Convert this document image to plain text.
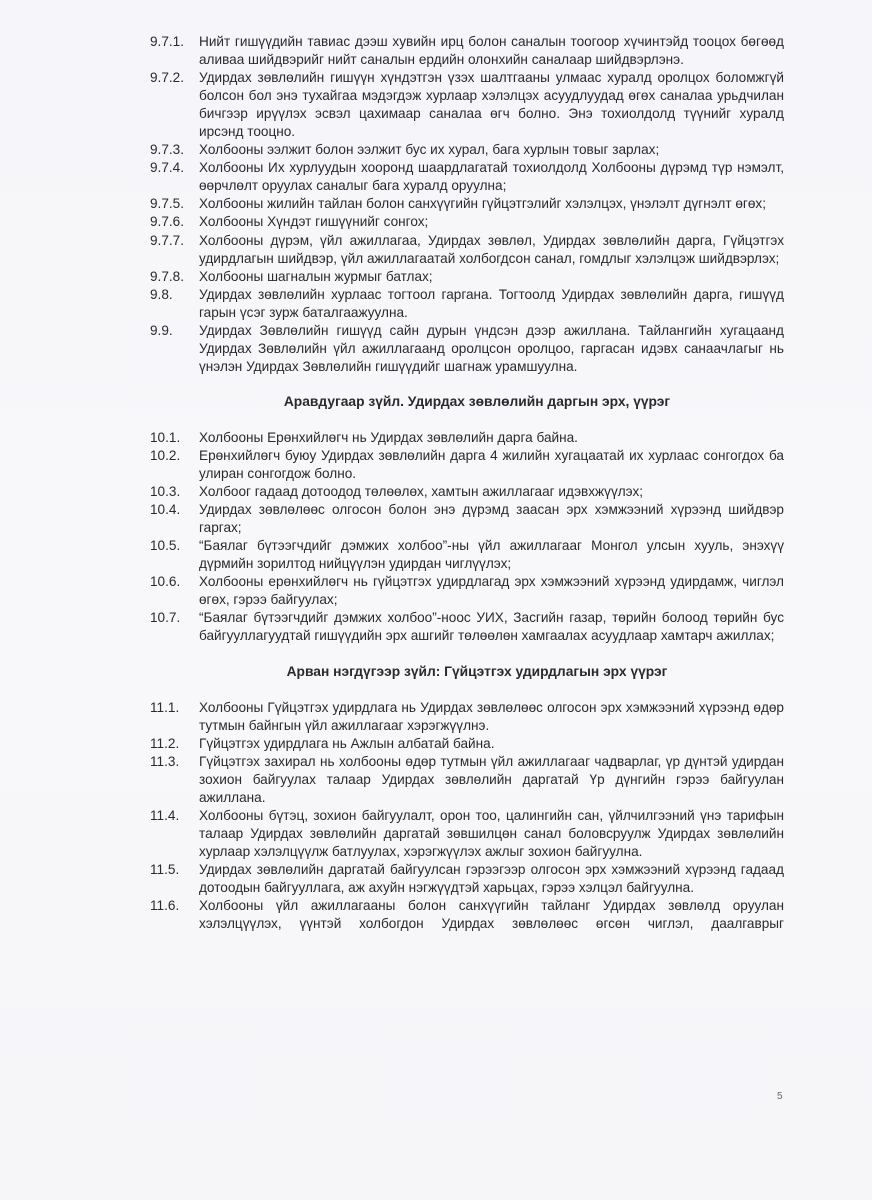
9.7.1.	Нийт гишүүдийн тавиас дээш хувийн ирц болон саналын тоогоор хүчинтэйд тооцох бөгөөд аливаа шийдвэрийг нийт саналын ердийн олонхийн саналаар шийдвэрлэнэ.
9.7.2.	Удирдах зөвлөлийн гишүүн хүндэтгэн үзэх шалтгааны улмаас хуралд оролцох боломжгүй болсон бол энэ тухайгаа мэдэгдэж хурлаар хэлэлцэх асуудлуудад өгөх саналаа урьдчилан бичгээр ирүүлэх эсвэл цахимаар саналаа өгч болно. Энэ тохиолдолд түүнийг хуралд ирсэнд тооцно.
9.7.3.	Холбооны ээлжит болон ээлжит бус их хурал, бага хурлын товыг зарлах;
9.7.4.	Холбооны Их хурлуудын хооронд шаардлагатай тохиолдолд Холбооны дүрэмд түр нэмэлт, өөрчлөлт оруулах саналыг бага хуралд оруулна;
9.7.5.	Холбооны жилийн тайлан болон санхүүгийн гүйцэтгэлийг хэлэлцэх, үнэлэлт дүгнэлт өгөх;
9.7.6.	Холбооны Хүндэт гишүүнийг сонгох;
9.7.7.	Холбооны дүрэм, үйл ажиллагаа, Удирдах зөвлөл, Удирдах зөвлөлийн дарга, Гүйцэтгэх удирдлагын шийдвэр, үйл ажиллагаатай холбогдсон санал, гомдлыг хэлэлцэж шийдвэрлэх;
9.7.8.	Холбооны шагналын журмыг батлах;
9.8.	Удирдах зөвлөлийн хурлаас тогтоол гаргана. Тогтоолд Удирдах зөвлөлийн дарга, гишүүд гарын үсэг зурж баталгаажуулна.
9.9.	Удирдах Зөвлөлийн гишүүд сайн дурын үндсэн дээр ажиллана. Тайлангийн хугацаанд Удирдах Зөвлөлийн үйл ажиллагаанд оролцсон оролцоо, гаргасан идэвх санаачлагыг нь үнэлэн Удирдах Зөвлөлийн гишүүдийг шагнаж урамшуулна.
Аравдугаар зүйл. Удирдах зөвлөлийн даргын эрх, үүрэг
10.1.	Холбооны Ерөнхийлөгч нь Удирдах зөвлөлийн дарга байна.
10.2.	Ерөнхийлөгч буюу Удирдах зөвлөлийн дарга 4 жилийн хугацаатай их хурлаас сонгогдох ба улиран сонгогдож болно.
10.3.	Холбоог гадаад дотоодод төлөөлөх, хамтын ажиллагааг идэвхжүүлэх;
10.4.	Удирдах зөвлөлөөс олгосон болон энэ дүрэмд заасан эрх хэмжээний хүрээнд шийдвэр гаргах;
10.5.	“Баялаг бүтээгчдийг дэмжих холбоо”-ны үйл ажиллагааг Монгол улсын хууль, энэхүү дүрмийн зорилтод нийцүүлэн удирдан чиглүүлэх;
10.6.	Холбооны ерөнхийлөгч нь гүйцэтгэх удирдлагад эрх хэмжээний хүрээнд удирдамж, чиглэл өгөх, гэрээ байгуулах;
10.7.	“Баялаг бүтээгчдийг дэмжих холбоо”-ноос УИХ, Засгийн газар, төрийн болоод төрийн бус байгууллагуудтай гишүүдийн эрх ашгийг төлөөлөн хамгаалах асуудлаар хамтарч ажиллах;
Арван нэгдүгээр зүйл: Гүйцэтгэх удирдлагын эрх үүрэг
11.1.	Холбооны Гүйцэтгэх удирдлага нь Удирдах зөвлөлөөс олгосон эрх хэмжээний хүрээнд өдөр тутмын байнгын үйл ажиллагааг хэрэгжүүлнэ.
11.2.	Гүйцэтгэх удирдлага нь Ажлын албатай байна.
11.3.	Гүйцэтгэх захирал нь холбооны өдөр тутмын үйл ажиллагааг чадварлаг, үр дүнтэй удирдан зохион байгуулах талаар Удирдах зөвлөлийн даргатай Үр дүнгийн гэрээ байгуулан ажиллана.
11.4.	Холбооны бүтэц, зохион байгуулалт, орон тоо, цалингийн сан, үйлчилгээний үнэ тарифын талаар Удирдах зөвлөлийн даргатай зөвшилцөн санал боловсруулж Удирдах зөвлөлийн хурлаар хэлэлцүүлж батлуулах, хэрэгжүүлэх ажлыг зохион байгуулна.
11.5.	Удирдах зөвлөлийн даргатай байгуулсан гэрээгээр олгосон эрх хэмжээний хүрээнд гадаад дотоодын байгууллага, аж ахуйн нэгжүүдтэй харьцах, гэрээ хэлцэл байгуулна.
11.6.	Холбооны үйл ажиллагааны болон санхүүгийн тайланг Удирдах зөвлөлд оруулан хэлэлцүүлэх, үүнтэй холбогдон Удирдах зөвлөлөөс өгсөн чиглэл, даалгаврыг
5
